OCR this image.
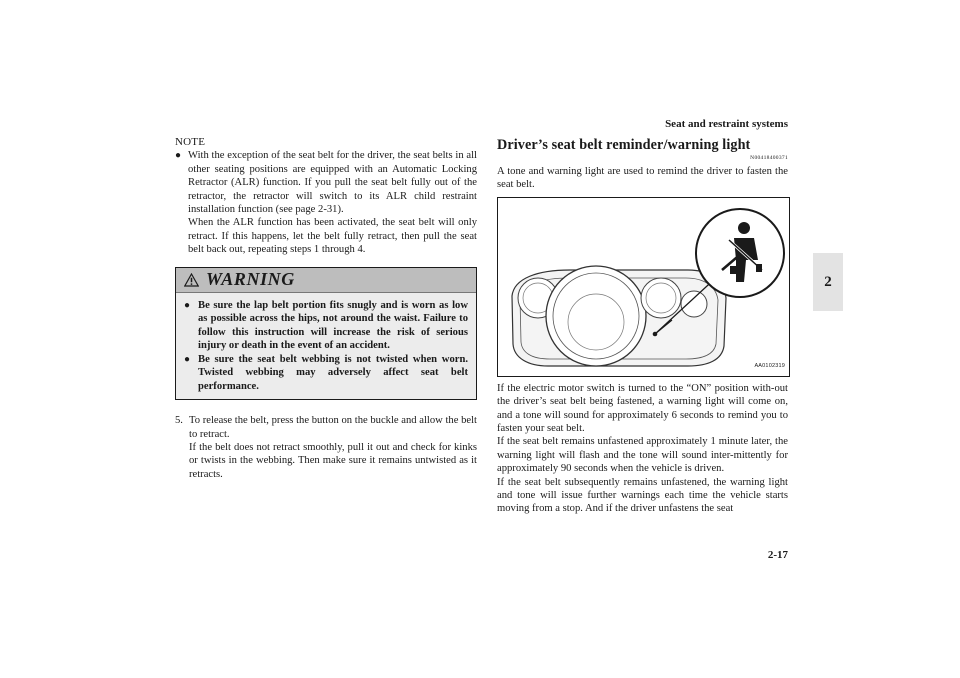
Seat and restraint systems
2
NOTE
● With the exception of the seat belt for the driver, the seat belts in all other seating positions are equipped with an Automatic Locking Retractor (ALR) function. If you pull the seat belt fully out of the retractor, the retractor will switch to its ALR child restraint installation function (see page 2-31).

When the ALR function has been activated, the seat belt will only retract. If this happens, let the belt fully retract, then pull the seat belt back out, repeating steps 1 through 4.

WARNING
● Be sure the lap belt portion fits snugly and is worn as low as possible across the hips, not around the waist. Failure to follow this instruction will increase the risk of serious injury or death in the event of an accident.

● Be sure the seat belt webbing is not twisted when worn. Twisted webbing may adversely affect seat belt performance.

5. To release the belt, press the button on the buckle and allow the belt to retract.

If the belt does not retract smoothly, pull it out and check for kinks or twists in the webbing. Then make sure it remains untwisted as it retracts.

Driver’s seat belt reminder/warning light
N00418400371

A tone and warning light are used to remind the driver to fasten the seat belt.

AA0102319

If the electric motor switch is turned to the “ON” position with-out the driver’s seat belt being fastened, a warning light will come on, and a tone will sound for approximately 6 seconds to remind you to fasten your seat belt.

If the seat belt remains unfastened approximately 1 minute later, the warning light will flash and the tone will sound inter-mittently for approximately 90 seconds when the vehicle is driven.

If the seat belt subsequently remains unfastened, the warning light and tone will issue further warnings each time the vehicle starts moving from a stop. And if the driver unfastens the seat

2-17
